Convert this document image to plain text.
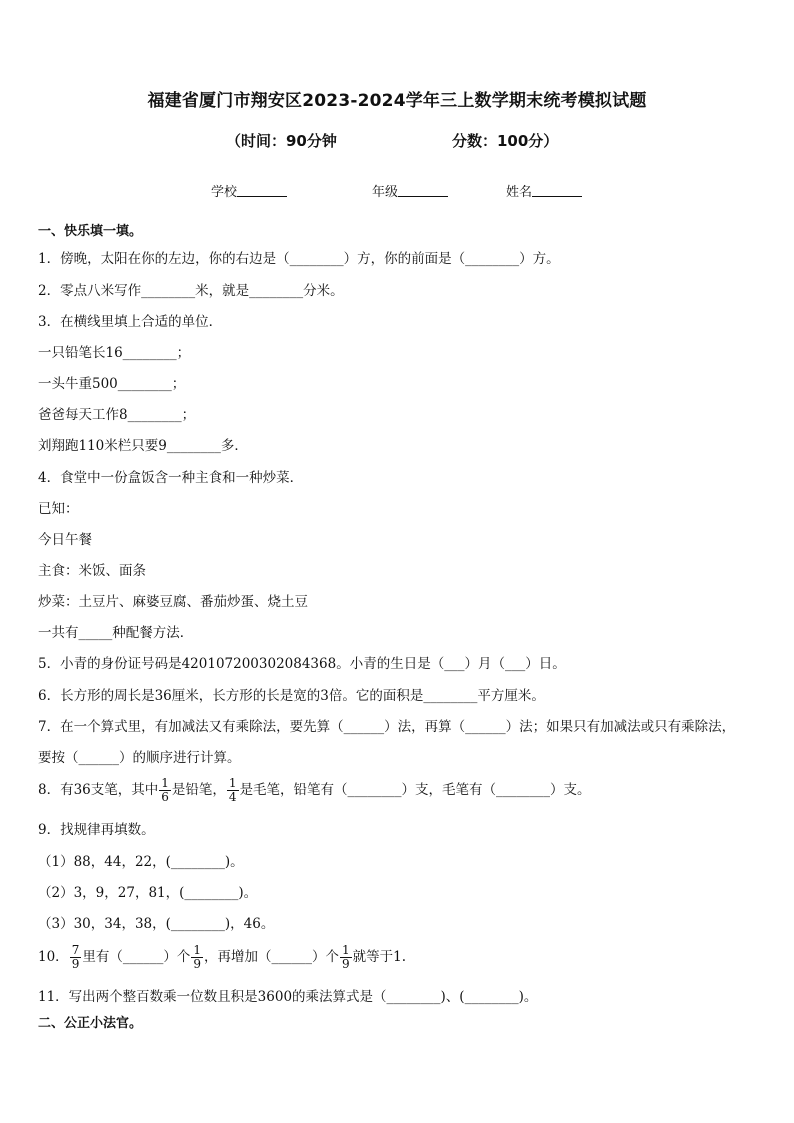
福建省厦门市翔安区2023-2024学年三上数学期末统考模拟试题
（时间：90分钟	分数：100分）
学校	年级	姓名
一、快乐填一填。
1．傍晚，太阳在你的左边，你的右边是（________）方，你的前面是（________）方。
2．零点八米写作________米，就是________分米。
3．在横线里填上合适的单位．
一只铅笔长16________；
一头牛重500________；
爸爸每天工作8________；
刘翔跑110米栏只要9________多．
4．食堂中一份盒饭含一种主食和一种炒菜．
已知：
今日午餐
主食：米饭、面条
炒菜：土豆片、麻婆豆腐、番茄炒蛋、烧土豆
一共有_____种配餐方法．
5．小青的身份证号码是420107200302084368。小青的生日是（___）月（___）日。
6．长方形的周长是36厘米，长方形的长是宽的3倍。它的面积是________平方厘米。
7．在一个算式里，有加减法又有乘除法，要先算（______）法，再算（______）法；如果只有加减法或只有乘除法，
要按（______）的顺序进行计算。
8．有36支笔，其中 $\frac{1}{6}$ 是铅笔， $\frac{1}{4}$ 是毛笔，铅笔有（________）支，毛笔有（________）支。
9．找规律再填数。
（1）88，44，22，(________)。
（2）3，9，27，81，(________)。
（3）30，34，38，(________)，46。
10． $\frac{7}{9}$ 里有（______）个 $\frac{1}{9}$ ，再增加（______）个 $\frac{1}{9}$ 就等于1.
11．写出两个整百数乘一位数且积是3600的乘法算式是（________)、(________)。
二、公正小法官。
